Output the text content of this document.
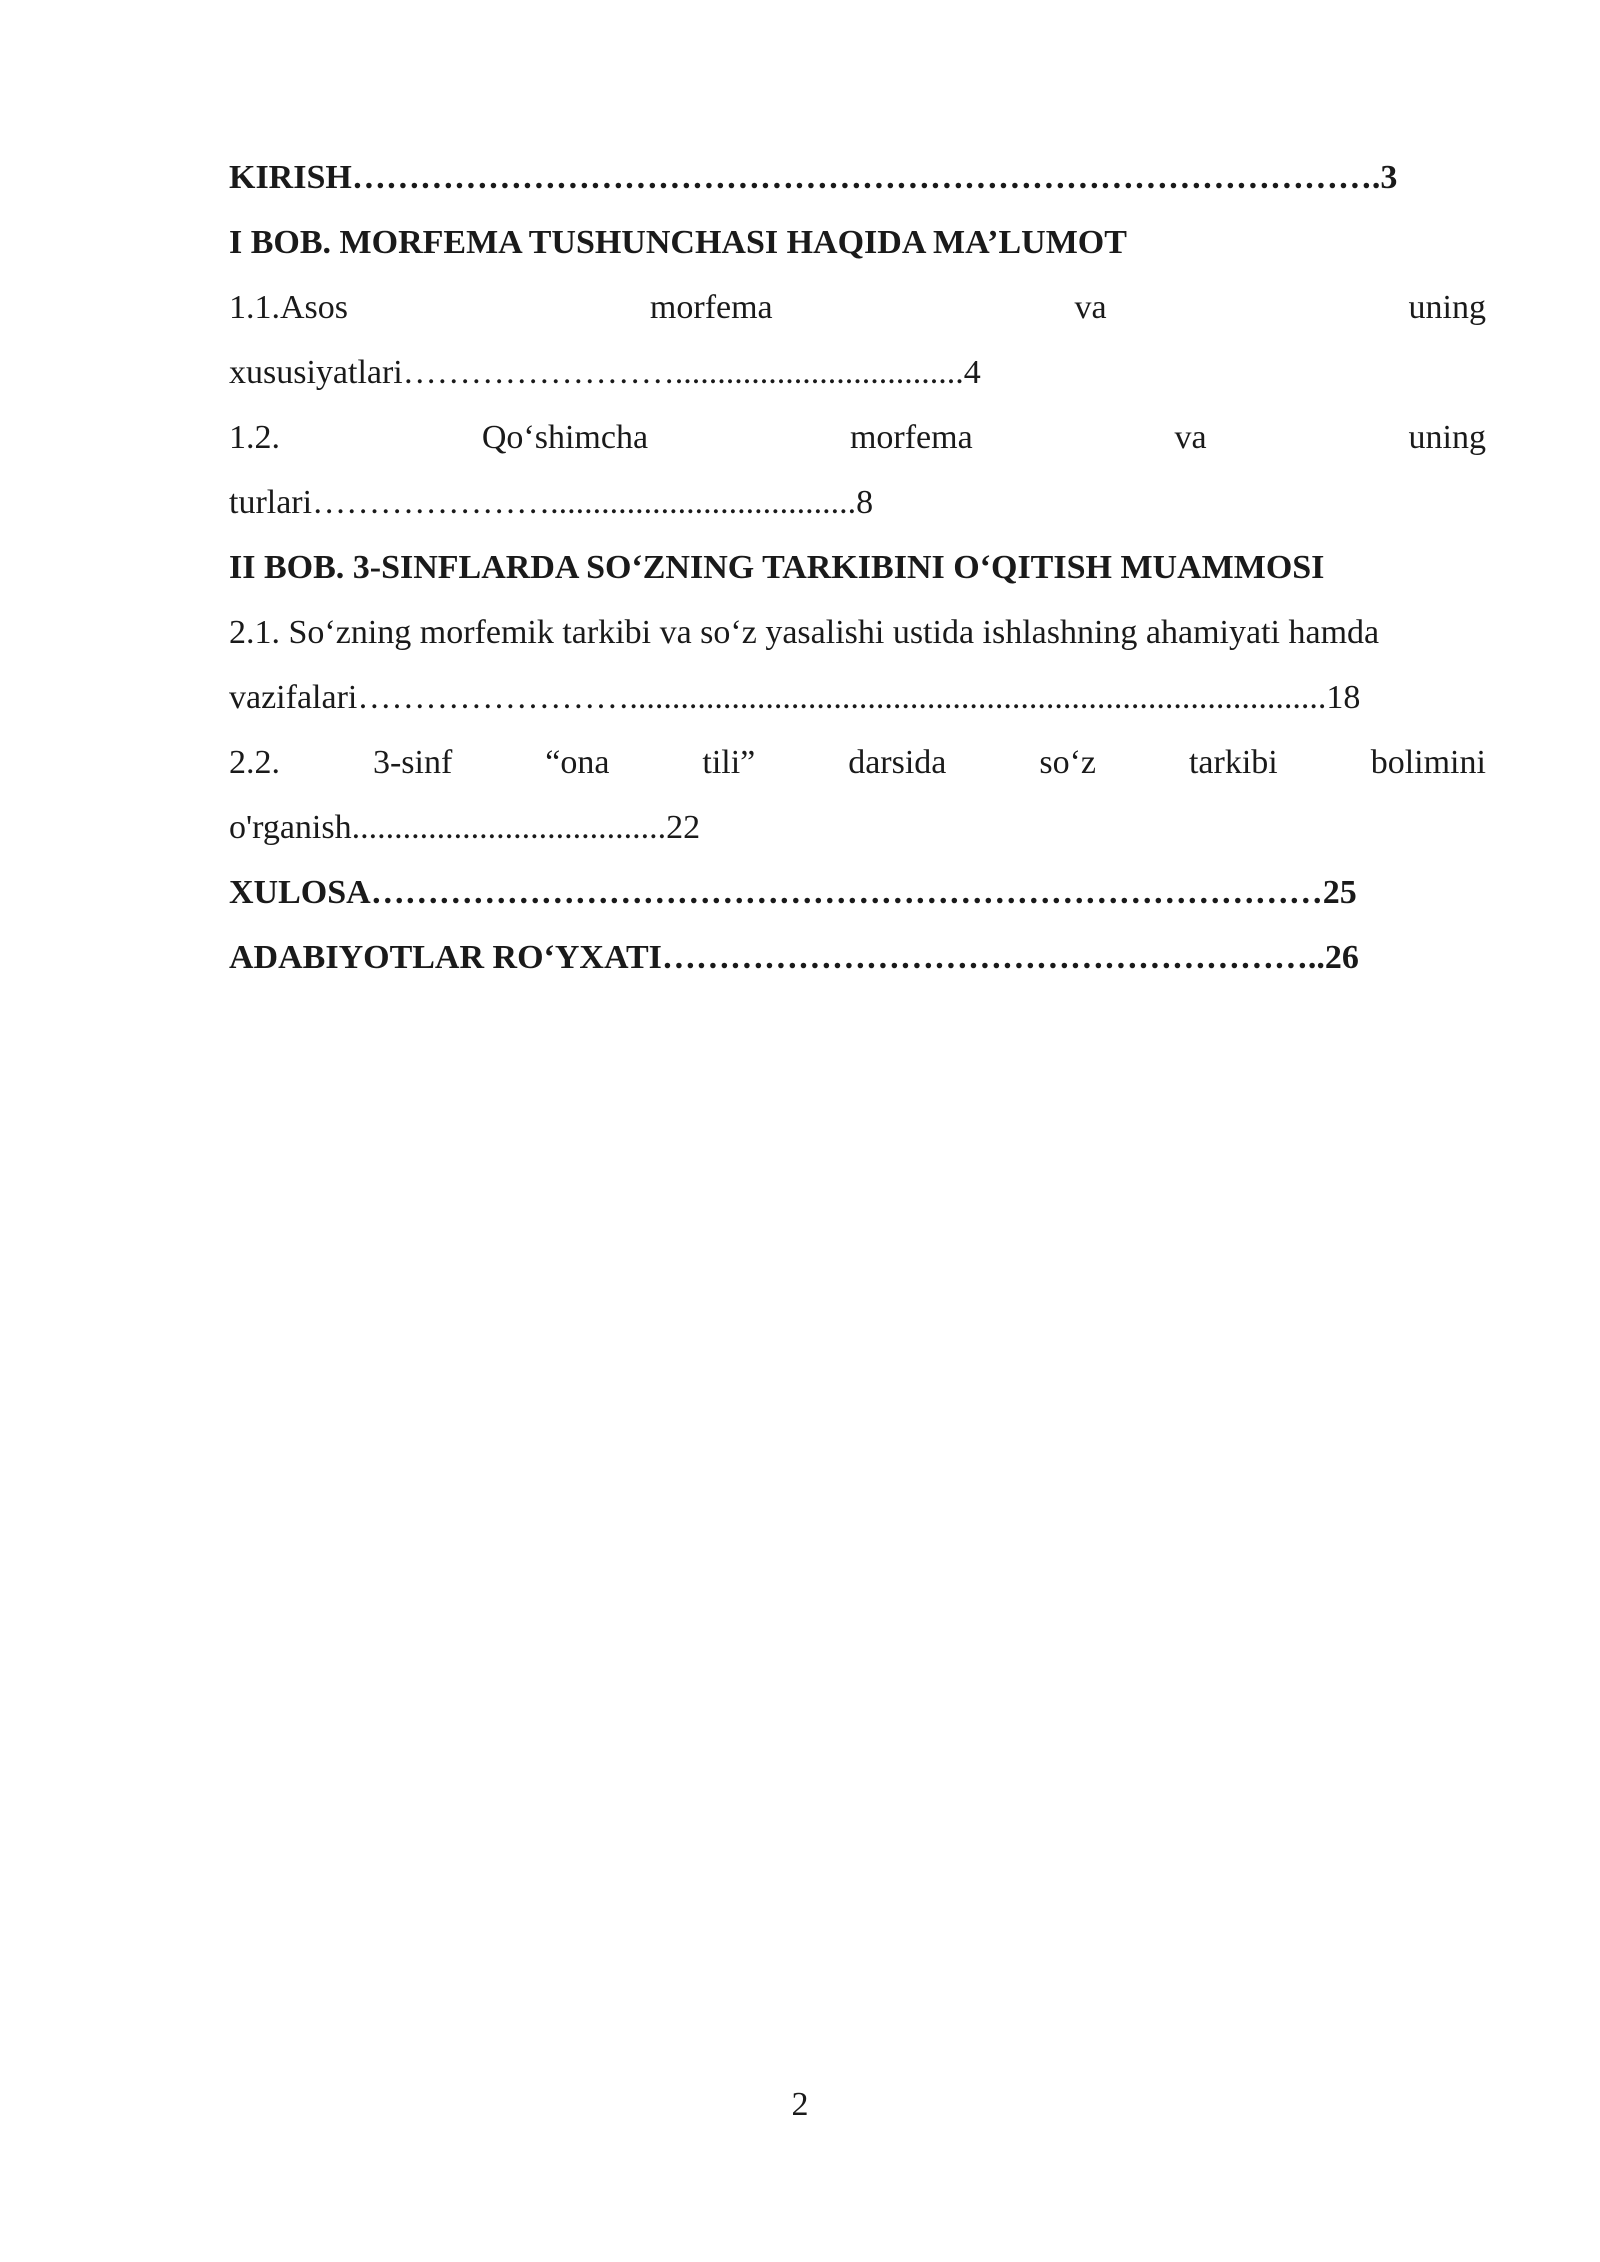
KIRISH……………………………………………………………………………….3
I BOB. MORFEMA TUSHUNCHASI HAQIDA MA’LUMOT
1.1.Asos	morfema	va	uning
xususiyatlari……………………..................................4
1.2.	Qo‘shimcha	morfema	va	uning
turlari…………………....................................8
II BOB. 3-SINFLARDA SO‘ZNING TARKIBINI O‘QITISH MUAMMOSI
2.1. So‘zning morfemik tarkibi va so‘z yasalishi ustida ishlashning ahamiyati hamda
vazifalari……………………..................................................................................18
2.2.	3-sinf	“ona	tili”	darsida	so‘z	tarkibi	bolimini
o'rganish.....................................22
XULOSA…………………………………………………………………………25
ADABIYOTLAR RO‘YXATI…………………………………………………..26
2
